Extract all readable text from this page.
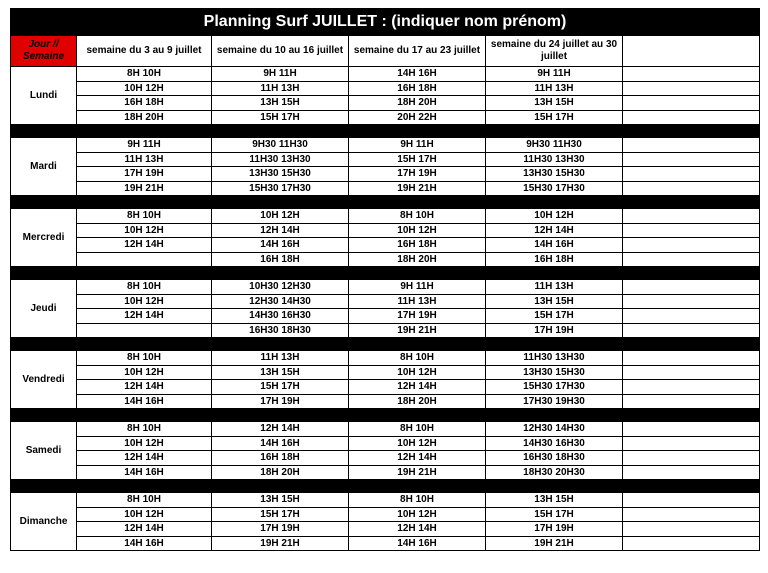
Planning Surf JUILLET : (indiquer nom prénom)					
Jour // Semaine	semaine du 3 au 9 juillet	semaine du 10 au 16 juillet	semaine du 17 au 23 juillet	semaine du 24 juillet au 30 juillet	
Lundi	8H 10H	9H 11H	14H 16H	9H 11H	
	10H 12H	11H 13H	16H 18H	11H 13H	
	16H 18H	13H 15H	18H 20H	13H 15H	
	18H 20H	15H 17H	20H 22H	15H 17H	

Mardi	9H 11H	9H30 11H30	9H 11H	9H30 11H30	
	11H 13H	11H30 13H30	15H 17H	11H30 13H30	
	17H 19H	13H30 15H30	17H 19H	13H30 15H30	
	19H 21H	15H30 17H30	19H 21H	15H30 17H30	

Mercredi	8H 10H	10H 12H	8H 10H	10H 12H	
	10H 12H	12H 14H	10H 12H	12H 14H	
	12H 14H	14H 16H	16H 18H	14H 16H	
		16H 18H	18H 20H	16H 18H	

Jeudi	8H 10H	10H30 12H30	9H 11H	11H 13H	
	10H 12H	12H30 14H30	11H 13H	13H 15H	
	12H 14H	14H30 16H30	17H 19H	15H 17H	
		16H30 18H30	19H 21H	17H 19H	

Vendredi	8H 10H	11H 13H	8H 10H	11H30 13H30	
	10H 12H	13H 15H	10H 12H	13H30 15H30	
	12H 14H	15H 17H	12H 14H	15H30 17H30	
	14H 16H	17H 19H	18H 20H	17H30 19H30	

Samedi	8H 10H	12H 14H	8H 10H	12H30 14H30	
	10H 12H	14H 16H	10H 12H	14H30 16H30	
	12H 14H	16H 18H	12H 14H	16H30 18H30	
	14H 16H	18H 20H	19H 21H	18H30 20H30	

Dimanche	8H 10H	13H 15H	8H 10H	13H 15H	
	10H 12H	15H 17H	10H 12H	15H 17H	
	12H 14H	17H 19H	12H 14H	17H 19H	
	14H 16H	19H 21H	14H 16H	19H 21H	
